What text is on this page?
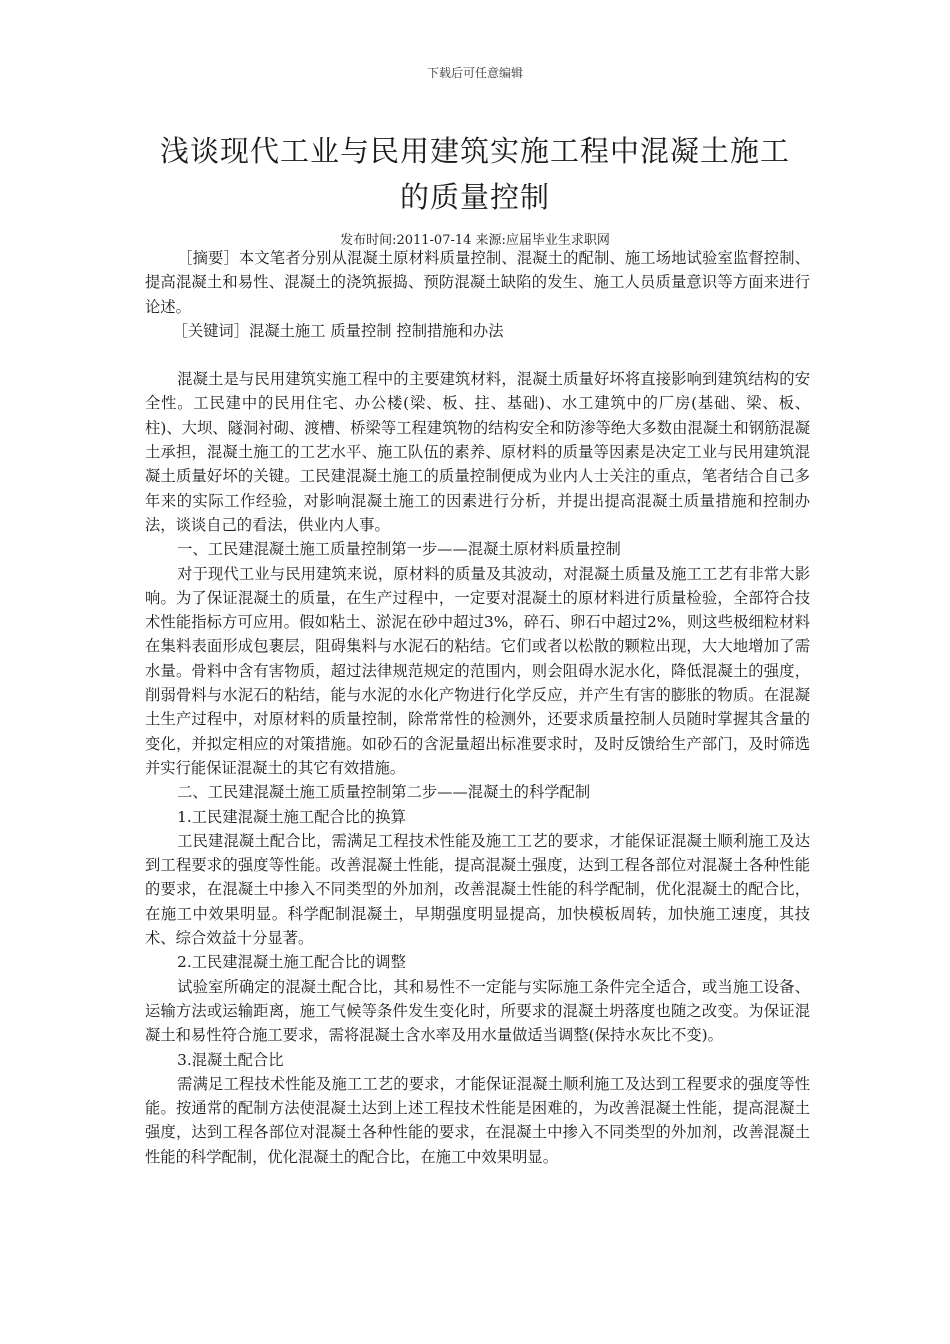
下载后可任意编辑
浅谈现代工业与民用建筑实施工程中混凝土施工
的质量控制
发布时间:2011-07-14 来源:应届毕业生求职网

［摘要］本文笔者分别从混凝土原材料质量控制、混凝土的配制、施工场地试验室监督控制、提高混凝土和易性、混凝土的浇筑振捣、预防混凝土缺陷的发生、施工人员质量意识等方面来进行论述。

［关键词］混凝土施工 质量控制 控制措施和办法

混凝土是与民用建筑实施工程中的主要建筑材料，混凝土质量好坏将直接影响到建筑结构的安全性。工民建中的民用住宅、办公楼(梁、板、拄、基础)、水工建筑中的厂房(基础、梁、板、柱)、大坝、隧洞衬砌、渡槽、桥梁等工程建筑物的结构安全和防渗等绝大多数由混凝土和钢筋混凝土承担，混凝土施工的工艺水平、施工队伍的素养、原材料的质量等因素是决定工业与民用建筑混凝土质量好坏的关键。工民建混凝土施工的质量控制便成为业内人士关注的重点，笔者结合自己多年来的实际工作经验，对影响混凝土施工的因素进行分析，并提出提高混凝土质量措施和控制办法，谈谈自己的看法，供业内人事。

一、工民建混凝土施工质量控制第一步——混凝土原材料质量控制

对于现代工业与民用建筑来说，原材料的质量及其波动，对混凝土质量及施工工艺有非常大影响。为了保证混凝土的质量，在生产过程中，一定要对混凝土的原材料进行质量检验，全部符合技术性能指标方可应用。假如粘土、淤泥在砂中超过3%，碎石、卵石中超过2%，则这些极细粒材料在集料表面形成包裹层，阻碍集料与水泥石的粘结。它们或者以松散的颗粒出现，大大地增加了需水量。骨料中含有害物质，超过法律规范规定的范围内，则会阻碍水泥水化，降低混凝土的强度，削弱骨料与水泥石的粘结，能与水泥的水化产物进行化学反应，并产生有害的膨胀的物质。在混凝土生产过程中，对原材料的质量控制，除常常性的检测外，还要求质量控制人员随时掌握其含量的变化，并拟定相应的对策措施。如砂石的含泥量超出标准要求时，及时反馈给生产部门，及时筛选并实行能保证混凝土的其它有效措施。

二、工民建混凝土施工质量控制第二步——混凝土的科学配制

1.工民建混凝土施工配合比的换算

工民建混凝土配合比，需满足工程技术性能及施工工艺的要求，才能保证混凝土顺利施工及达到工程要求的强度等性能。改善混凝土性能，提高混凝土强度，达到工程各部位对混凝土各种性能的要求，在混凝土中掺入不同类型的外加剂，改善混凝土性能的科学配制，优化混凝土的配合比，在施工中效果明显。科学配制混凝土，早期强度明显提高，加快模板周转，加快施工速度，其技术、综合效益十分显著。

2.工民建混凝土施工配合比的调整

试验室所确定的混凝土配合比，其和易性不一定能与实际施工条件完全适合，或当施工设备、运输方法或运输距离，施工气候等条件发生变化时，所要求的混凝土坍落度也随之改变。为保证混凝土和易性符合施工要求，需将混凝土含水率及用水量做适当调整(保持水灰比不变)。

3.混凝土配合比

需满足工程技术性能及施工工艺的要求，才能保证混凝土顺利施工及达到工程要求的强度等性能。按通常的配制方法使混凝土达到上述工程技术性能是困难的，为改善混凝土性能，提高混凝土强度，达到工程各部位对混凝土各种性能的要求，在混凝土中掺入不同类型的外加剂，改善混凝土性能的科学配制，优化混凝土的配合比，在施工中效果明显。
